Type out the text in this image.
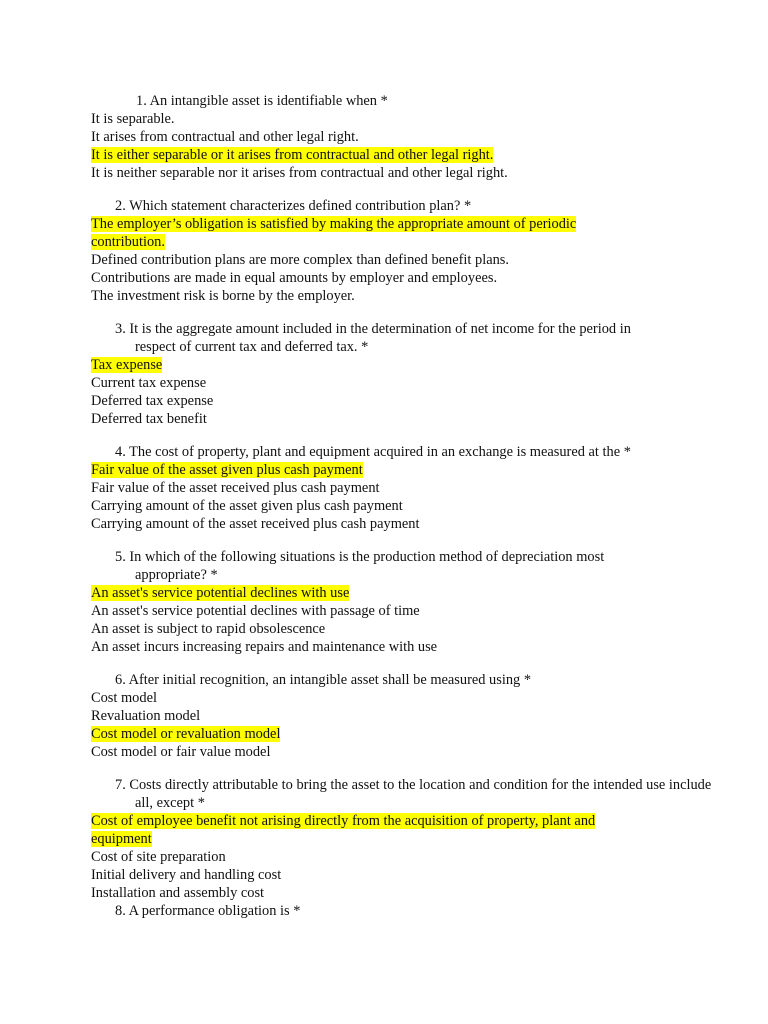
1. An intangible asset is identifiable when *
It is separable.
It arises from contractual and other legal right.
It is either separable or it arises from contractual and other legal right.
It is neither separable nor it arises from contractual and other legal right.
2. Which statement characterizes defined contribution plan? *
The employer’s obligation is satisfied by making the appropriate amount of periodic contribution.
Defined contribution plans are more complex than defined benefit plans.
Contributions are made in equal amounts by employer and employees.
The investment risk is borne by the employer.
3. It is the aggregate amount included in the determination of net income for the period in respect of current tax and deferred tax. *
Tax expense
Current tax expense
Deferred tax expense
Deferred tax benefit
4. The cost of property, plant and equipment acquired in an exchange is measured at the *
Fair value of the asset given plus cash payment
Fair value of the asset received plus cash payment
Carrying amount of the asset given plus cash payment
Carrying amount of the asset received plus cash payment
5. In which of the following situations is the production method of depreciation most appropriate? *
An asset's service potential declines with use
An asset's service potential declines with passage of time
An asset is subject to rapid obsolescence
An asset incurs increasing repairs and maintenance with use
6. After initial recognition, an intangible asset shall be measured using *
Cost model
Revaluation model
Cost model or revaluation model
Cost model or fair value model
7. Costs directly attributable to bring the asset to the location and condition for the intended use include all, except *
Cost of employee benefit not arising directly from the acquisition of property, plant and equipment
Cost of site preparation
Initial delivery and handling cost
Installation and assembly cost
8. A performance obligation is *
